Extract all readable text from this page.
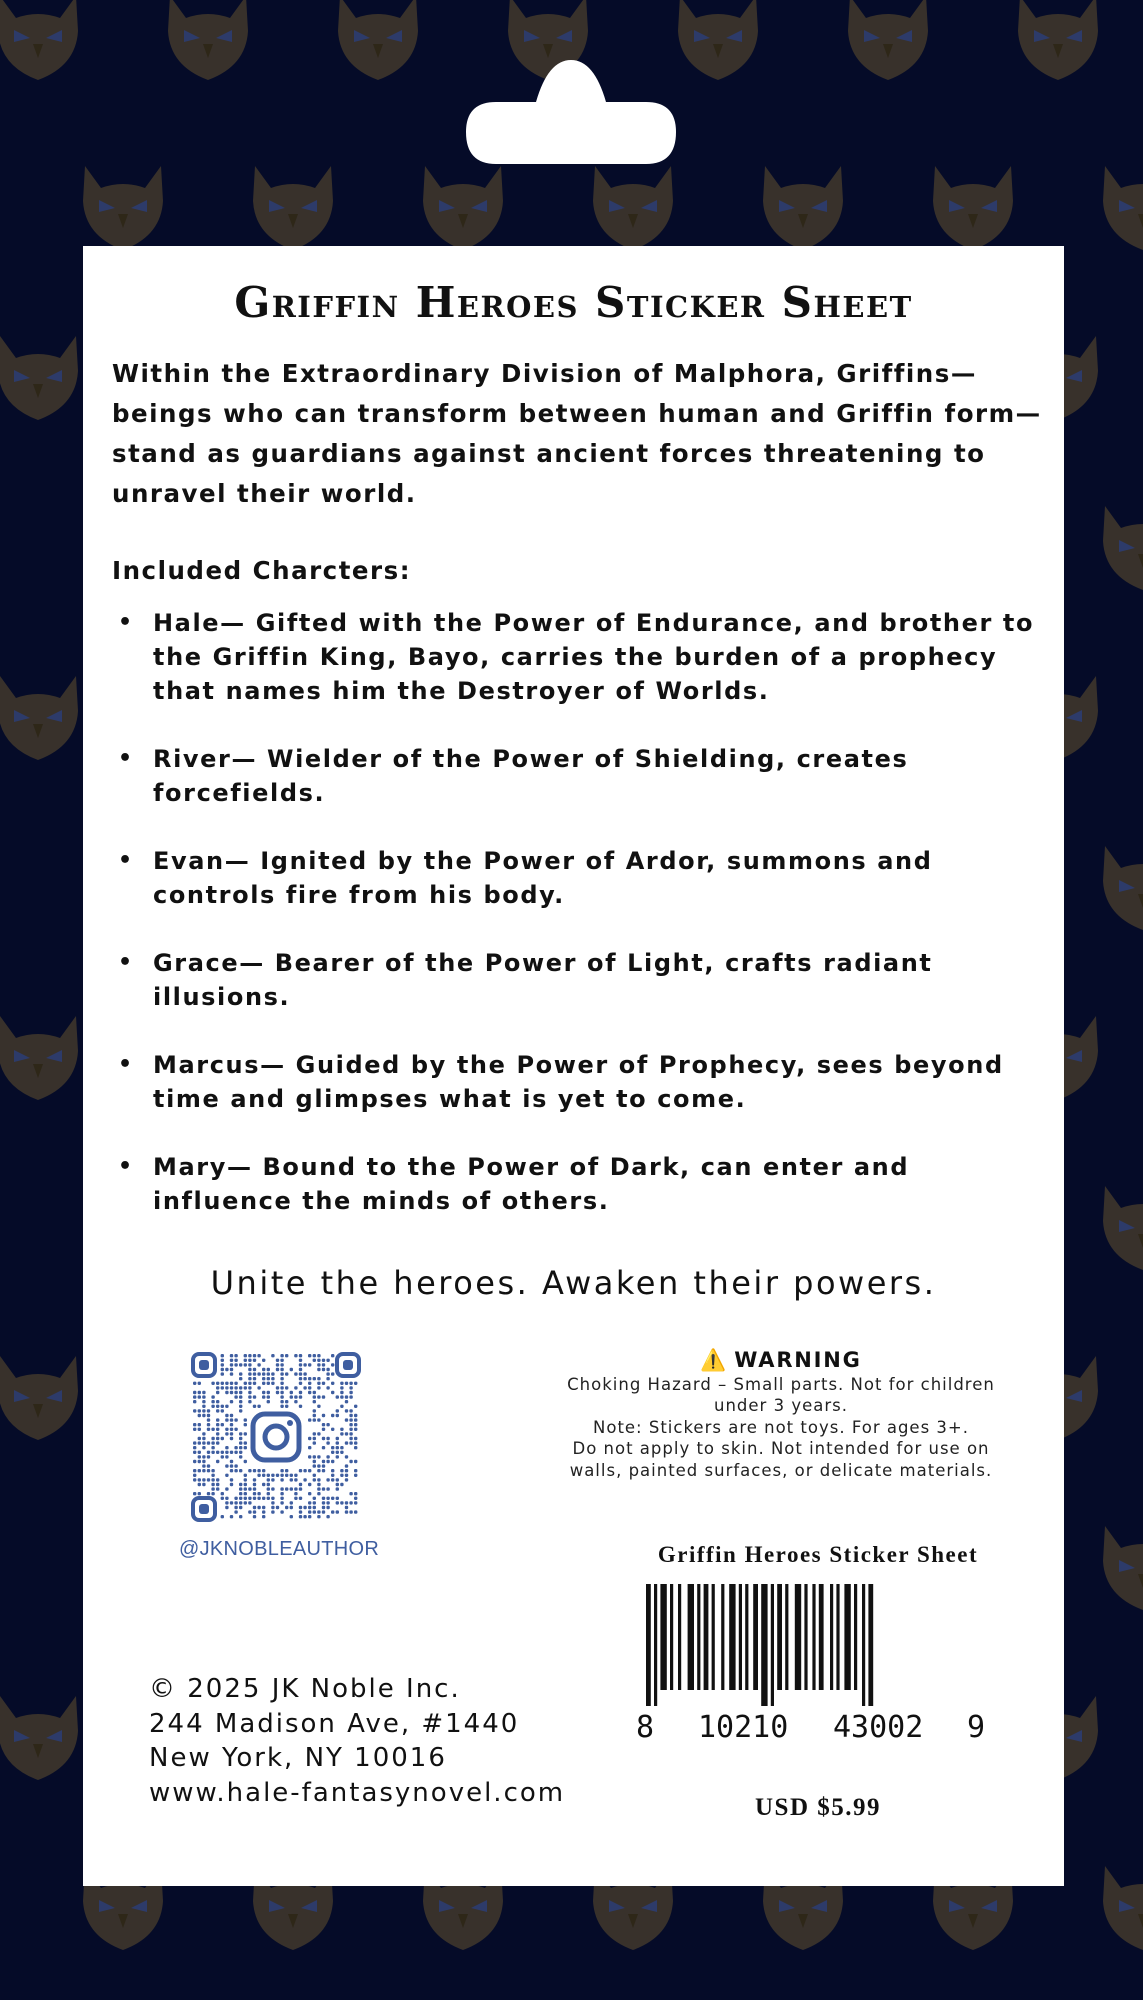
Griffin Heroes Sticker Sheet
Within the Extraordinary Division of Malphora, Griffins—beings who can transform between human and Griffin form—stand as guardians against ancient forces threatening to unravel their world.
Included Charcters:
• Hale— Gifted with the Power of Endurance, and brother to the Griffin King, Bayo, carries the burden of a prophecy that names him the Destroyer of Worlds.
• River— Wielder of the Power of Shielding, creates forcefields.
• Evan— Ignited by the Power of Ardor, summons and controls fire from his body.
• Grace— Bearer of the Power of Light, crafts radiant illusions.
• Marcus— Guided by the Power of Prophecy, sees beyond time and glimpses what is yet to come.
• Mary— Bound to the Power of Dark, can enter and influence the minds of others.
Unite the heroes. Awaken their powers.
@JKNOBLEAUTHOR
⚠️ WARNING
Choking Hazard – Small parts. Not for children under 3 years.
Note: Stickers are not toys. For ages 3+.
Do not apply to skin. Not intended for use on walls, painted surfaces, or delicate materials.
Griffin Heroes Sticker Sheet
8 10210 43002 9
USD $5.99
© 2025 JK Noble Inc.
244 Madison Ave, #1440
New York, NY 10016
www.hale-fantasynovel.com
